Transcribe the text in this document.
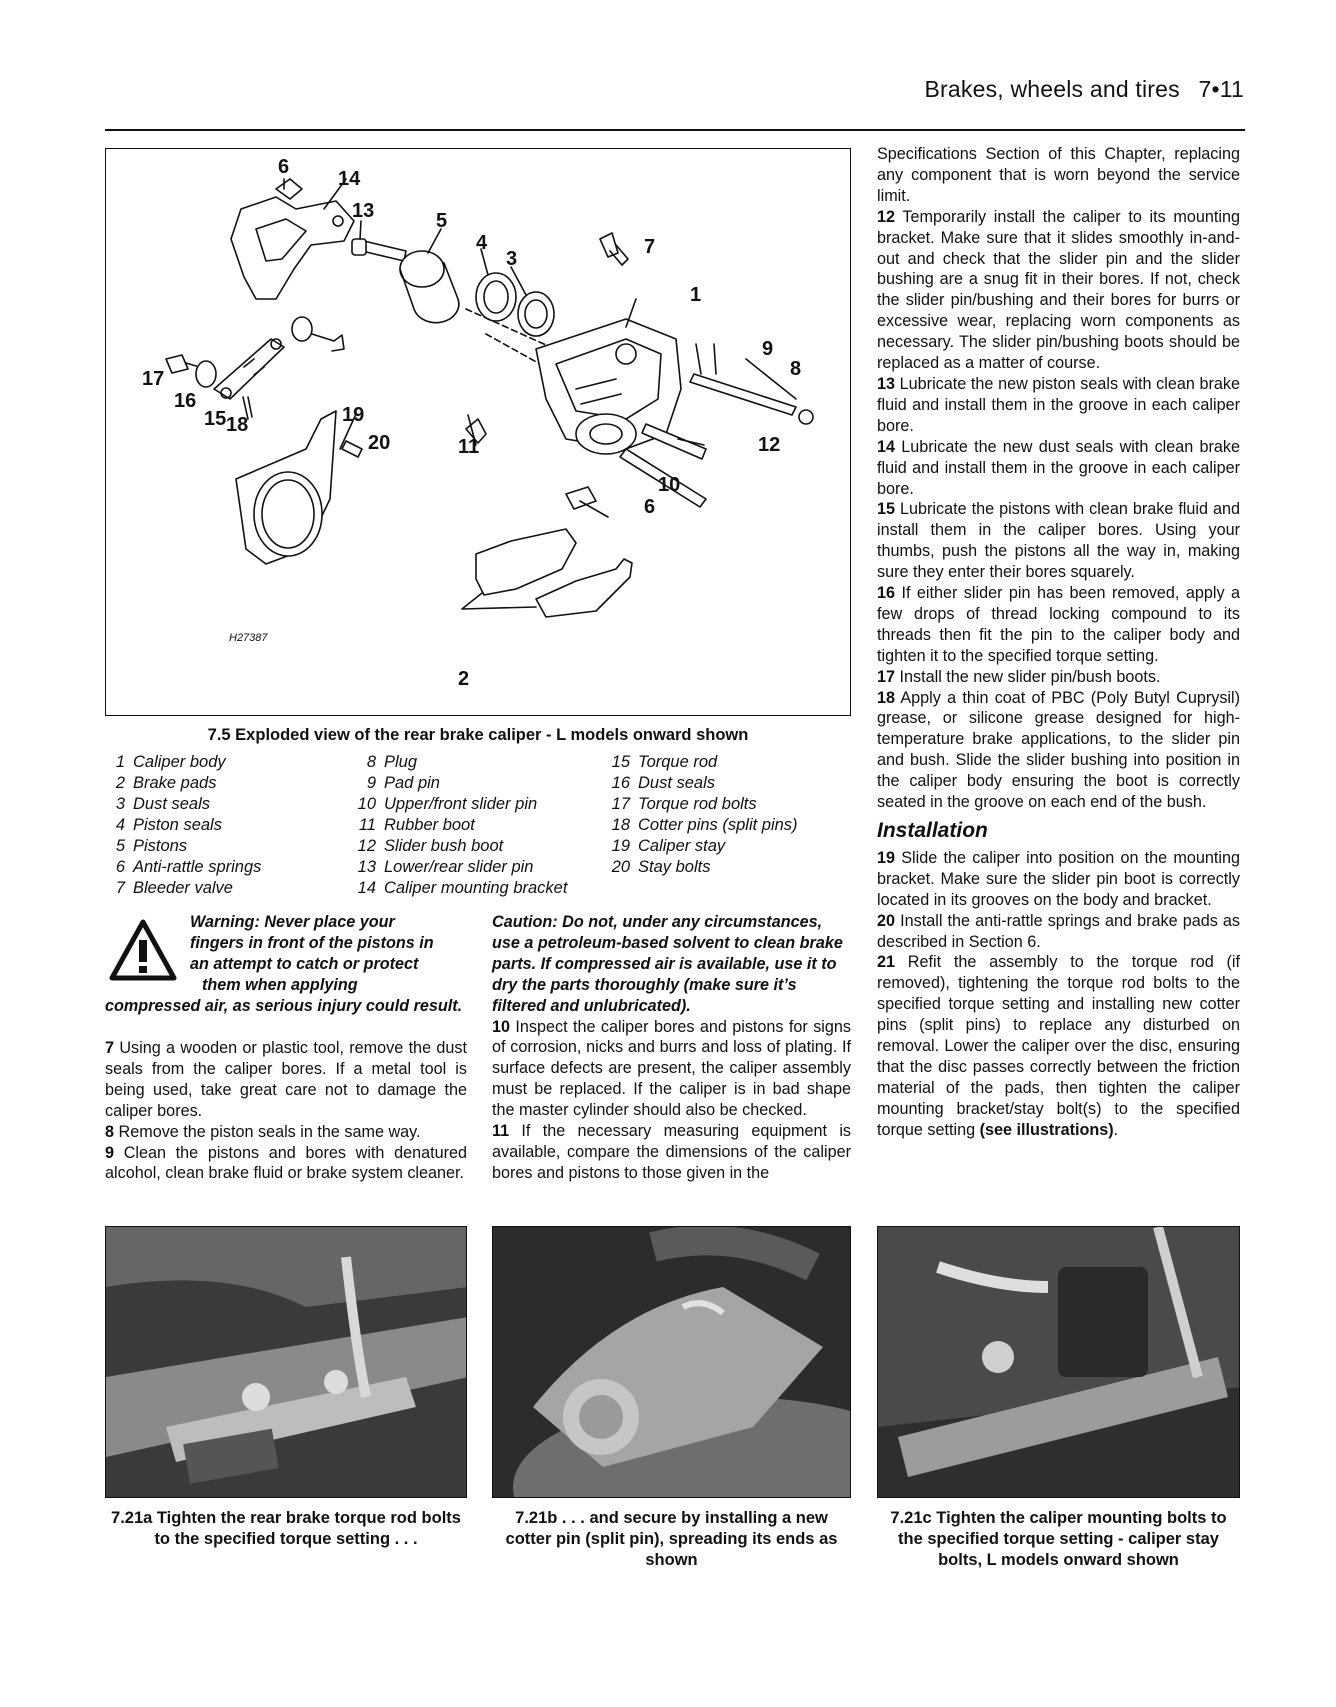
Brakes, wheels and tires 7•11
6
14
13	5
4
3
7
1
9
8
17
16
15 18	19
20	11	12
10
6
2
H27387
7.5 Exploded view of the rear brake caliper - L models onward shown
1 Caliper body
2 Brake pads
3 Dust seals
4 Piston seals
5 Pistons
6 Anti-rattle springs
7 Bleeder valve
8 Plug
9 Pad pin
10 Upper/front slider pin
11 Rubber boot
12 Slider bush boot
13 Lower/rear slider pin
14 Caliper mounting bracket
15 Torque rod
16 Dust seals
17 Torque rod bolts
18 Cotter pins (split pins)
19 Caliper stay
20 Stay bolts
Warning: Never place your
fingers in front of the pistons in
an attempt to catch or protect
them when applying
compressed air, as serious injury could result.

7 Using a wooden or plastic tool, remove the dust seals from the caliper bores. If a metal tool is being used, take great care not to damage the caliper bores.

8 Remove the piston seals in the same way.

9 Clean the pistons and bores with denatured alcohol, clean brake fluid or brake system cleaner.

Caution: Do not, under any circumstances, use a petroleum-based solvent to clean brake parts. If compressed air is available, use it to dry the parts thoroughly (make sure it’s filtered and unlubricated).

10 Inspect the caliper bores and pistons for signs of corrosion, nicks and burrs and loss of plating. If surface defects are present, the caliper assembly must be replaced. If the caliper is in bad shape the master cylinder should also be checked.

11 If the necessary measuring equipment is available, compare the dimensions of the caliper bores and pistons to those given in the

Specifications Section of this Chapter, replacing any component that is worn beyond the service limit.

12 Temporarily install the caliper to its mounting bracket. Make sure that it slides smoothly in-and-out and check that the slider pin and the slider bushing are a snug fit in their bores. If not, check the slider pin/bushing and their bores for burrs or excessive wear, replacing worn components as necessary. The slider pin/bushing boots should be replaced as a matter of course.

13 Lubricate the new piston seals with clean brake fluid and install them in the groove in each caliper bore.

14 Lubricate the new dust seals with clean brake fluid and install them in the groove in each caliper bore.

15 Lubricate the pistons with clean brake fluid and install them in the caliper bores. Using your thumbs, push the pistons all the way in, making sure they enter their bores squarely.

16 If either slider pin has been removed, apply a few drops of thread locking compound to its threads then fit the pin to the caliper body and tighten it to the specified torque setting.

17 Install the new slider pin/bush boots.

18 Apply a thin coat of PBC (Poly Butyl Cuprysil) grease, or silicone grease designed for high-temperature brake applications, to the slider pin and bush. Slide the slider bushing into position in the caliper body ensuring the boot is correctly seated in the groove on each end of the bush.

Installation

19 Slide the caliper into position on the mounting bracket. Make sure the slider pin boot is correctly located in its grooves on the body and bracket.

20 Install the anti-rattle springs and brake pads as described in Section 6.

21 Refit the assembly to the torque rod (if removed), tightening the torque rod bolts to the specified torque setting and installing new cotter pins (split pins) to replace any disturbed on removal. Lower the caliper over the disc, ensuring that the disc passes correctly between the friction material of the pads, then tighten the caliper mounting bracket/stay bolt(s) to the specified torque setting (see illustrations).

7.21a Tighten the rear brake torque rod bolts to the specified torque setting . . .
7.21b . . . and secure by installing a new cotter pin (split pin), spreading its ends as shown
7.21c Tighten the caliper mounting bolts to the specified torque setting - caliper stay bolts, L models onward shown
